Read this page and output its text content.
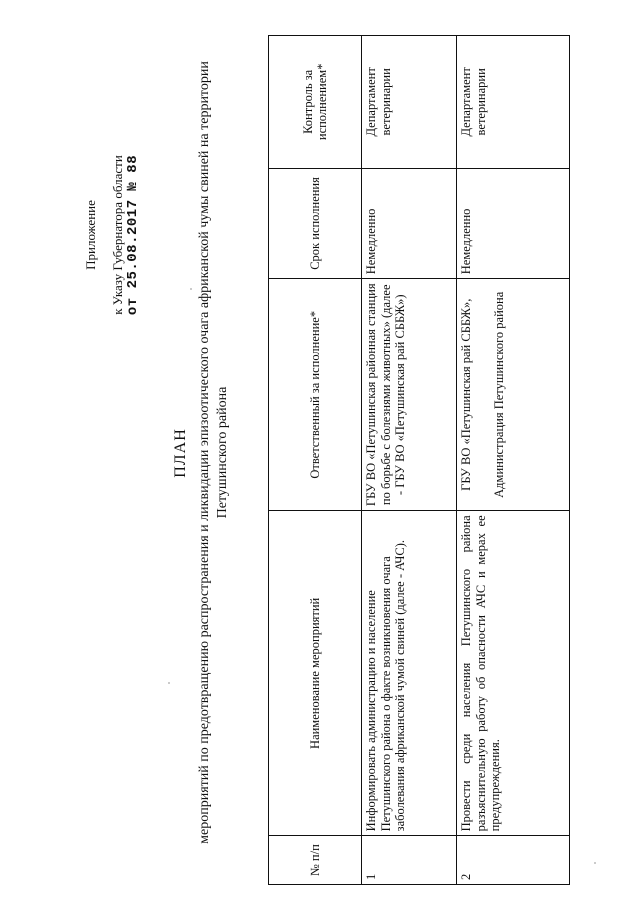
Приложение к Указу Губернатора области от 25.08.2017 № 88
ПЛАН мероприятий по предотвращению распространения и ликвидации эпизоотического очага африканской чумы свиней на территории Петушинского района
№ п/п	Наименование мероприятий	Ответственный за исполнение*	Срок исполнения	Контроль за исполнением*
1	Информировать администрацию и население Петушинского района о факте возникновения очага заболевания африканской чумой свиней (далее - АЧС).	ГБУ ВО «Петушинская районная станция по борьбе с болезнями животных» (далее - ГБУ ВО «Петушинская рай СББЖ»)	Немедленно	Департамент ветеринарии
2	Провести среди населения Петушинского района разъяснительную работу об опасности АЧС и мерах ее предупреждения.	ГБУ ВО «Петушинская рай СББЖ», Администрация Петушинского района	Немедленно	Департамент ветеринарии
